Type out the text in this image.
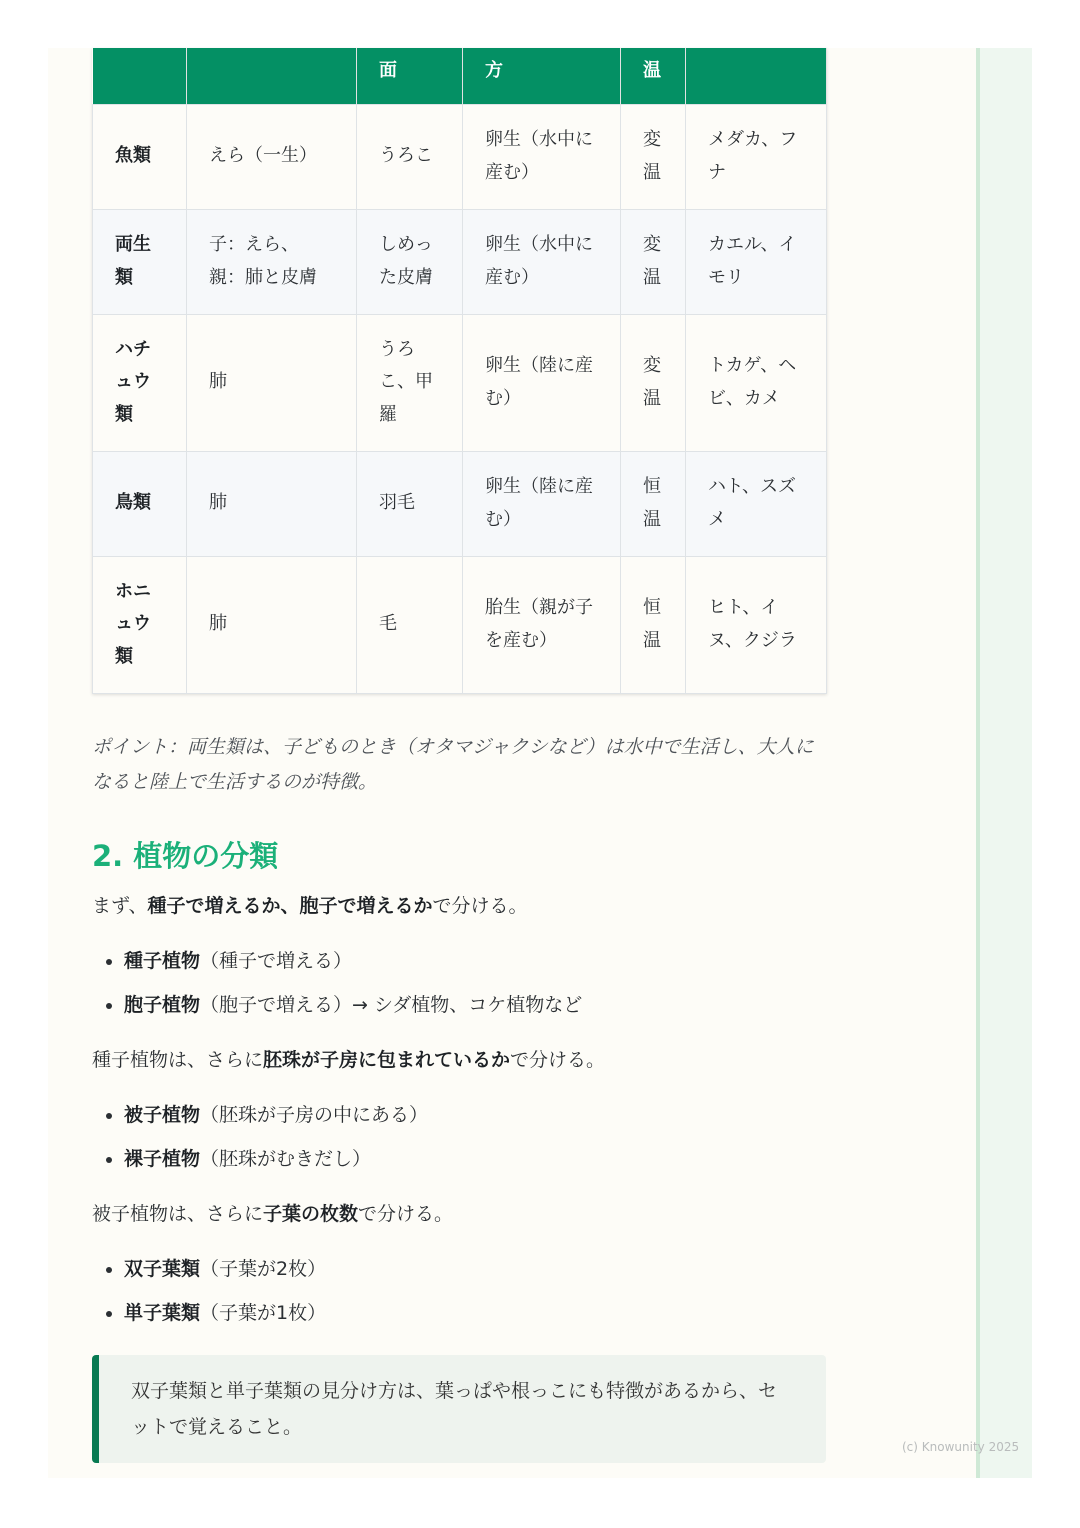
		面	方	温	
魚類	えら（一生）	うろこ	卵生（水中に産む）	変温	メダカ、フナ
両生類	子：えら、親：肺と皮膚	しめった皮膚	卵生（水中に産む）	変温	カエル、イモリ
ハチュウ類	肺	うろこ、甲羅	卵生（陸に産む）	変温	トカゲ、ヘビ、カメ
鳥類	肺	羽毛	卵生（陸に産む）	恒温	ハト、スズメ
ホニュウ類	肺	毛	胎生（親が子を産む）	恒温	ヒト、イヌ、クジラ

ポイント：両生類は、子どものとき（オタマジャクシなど）は水中で生活し、大人になると陸上で生活するのが特徴。

2. 植物の分類

まず、種子で増えるか、胞子で増えるかで分ける。

• 種子植物（種子で増える）
• 胞子植物（胞子で増える）→ シダ植物、コケ植物など

種子植物は、さらに胚珠が子房に包まれているかで分ける。

• 被子植物（胚珠が子房の中にある）
• 裸子植物（胚珠がむきだし）

被子植物は、さらに子葉の枚数で分ける。

• 双子葉類（子葉が2枚）
• 単子葉類（子葉が1枚）
双子葉類と単子葉類の見分け方は、葉っぱや根っこにも特徴があるから、セットで覚えること。
(c) Knowunity 2025
